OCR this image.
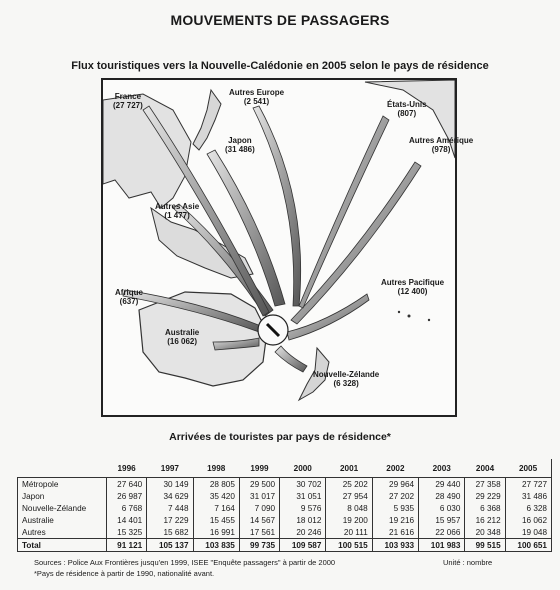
MOUVEMENTS DE PASSAGERS
Flux touristiques vers la Nouvelle-Calédonie en 2005 selon le pays de résidence
France
(27 727)
Autres Europe
(2 541)
Japon
(31 486)
États-Unis
(807)
Autres Amérique
(978)
Autres Asie
(1 477)
Autres Pacifique
(12 400)
Afrique
(637)
Australie
(16 062)
Nouvelle-Zélande
(6 328)
Arrivées de touristes par pays de résidence*
	1996	1997	1998	1999	2000	2001	2002	2003	2004	2005
Métropole	27 640	30 149	28 805	29 500	30 702	25 202	29 964	29 440	27 358	27 727
Japon	26 987	34 629	35 420	31 017	31 051	27 954	27 202	28 490	29 229	31 486
Nouvelle-Zélande	6 768	7 448	7 164	7 090	9 576	8 048	5 935	6 030	6 368	6 328
Australie	14 401	17 229	15 455	14 567	18 012	19 200	19 216	15 957	16 212	16 062
Autres	15 325	15 682	16 991	17 561	20 246	20 111	21 616	22 066	20 348	19 048
Total	91 121	105 137	103 835	99 735	109 587	100 515	103 933	101 983	99 515	100 651
Sources : Police Aux Frontières jusqu'en 1999, ISEE "Enquête passagers" à partir de 2000	Unité : nombre
*Pays de résidence à partir de 1990, nationalité avant.
